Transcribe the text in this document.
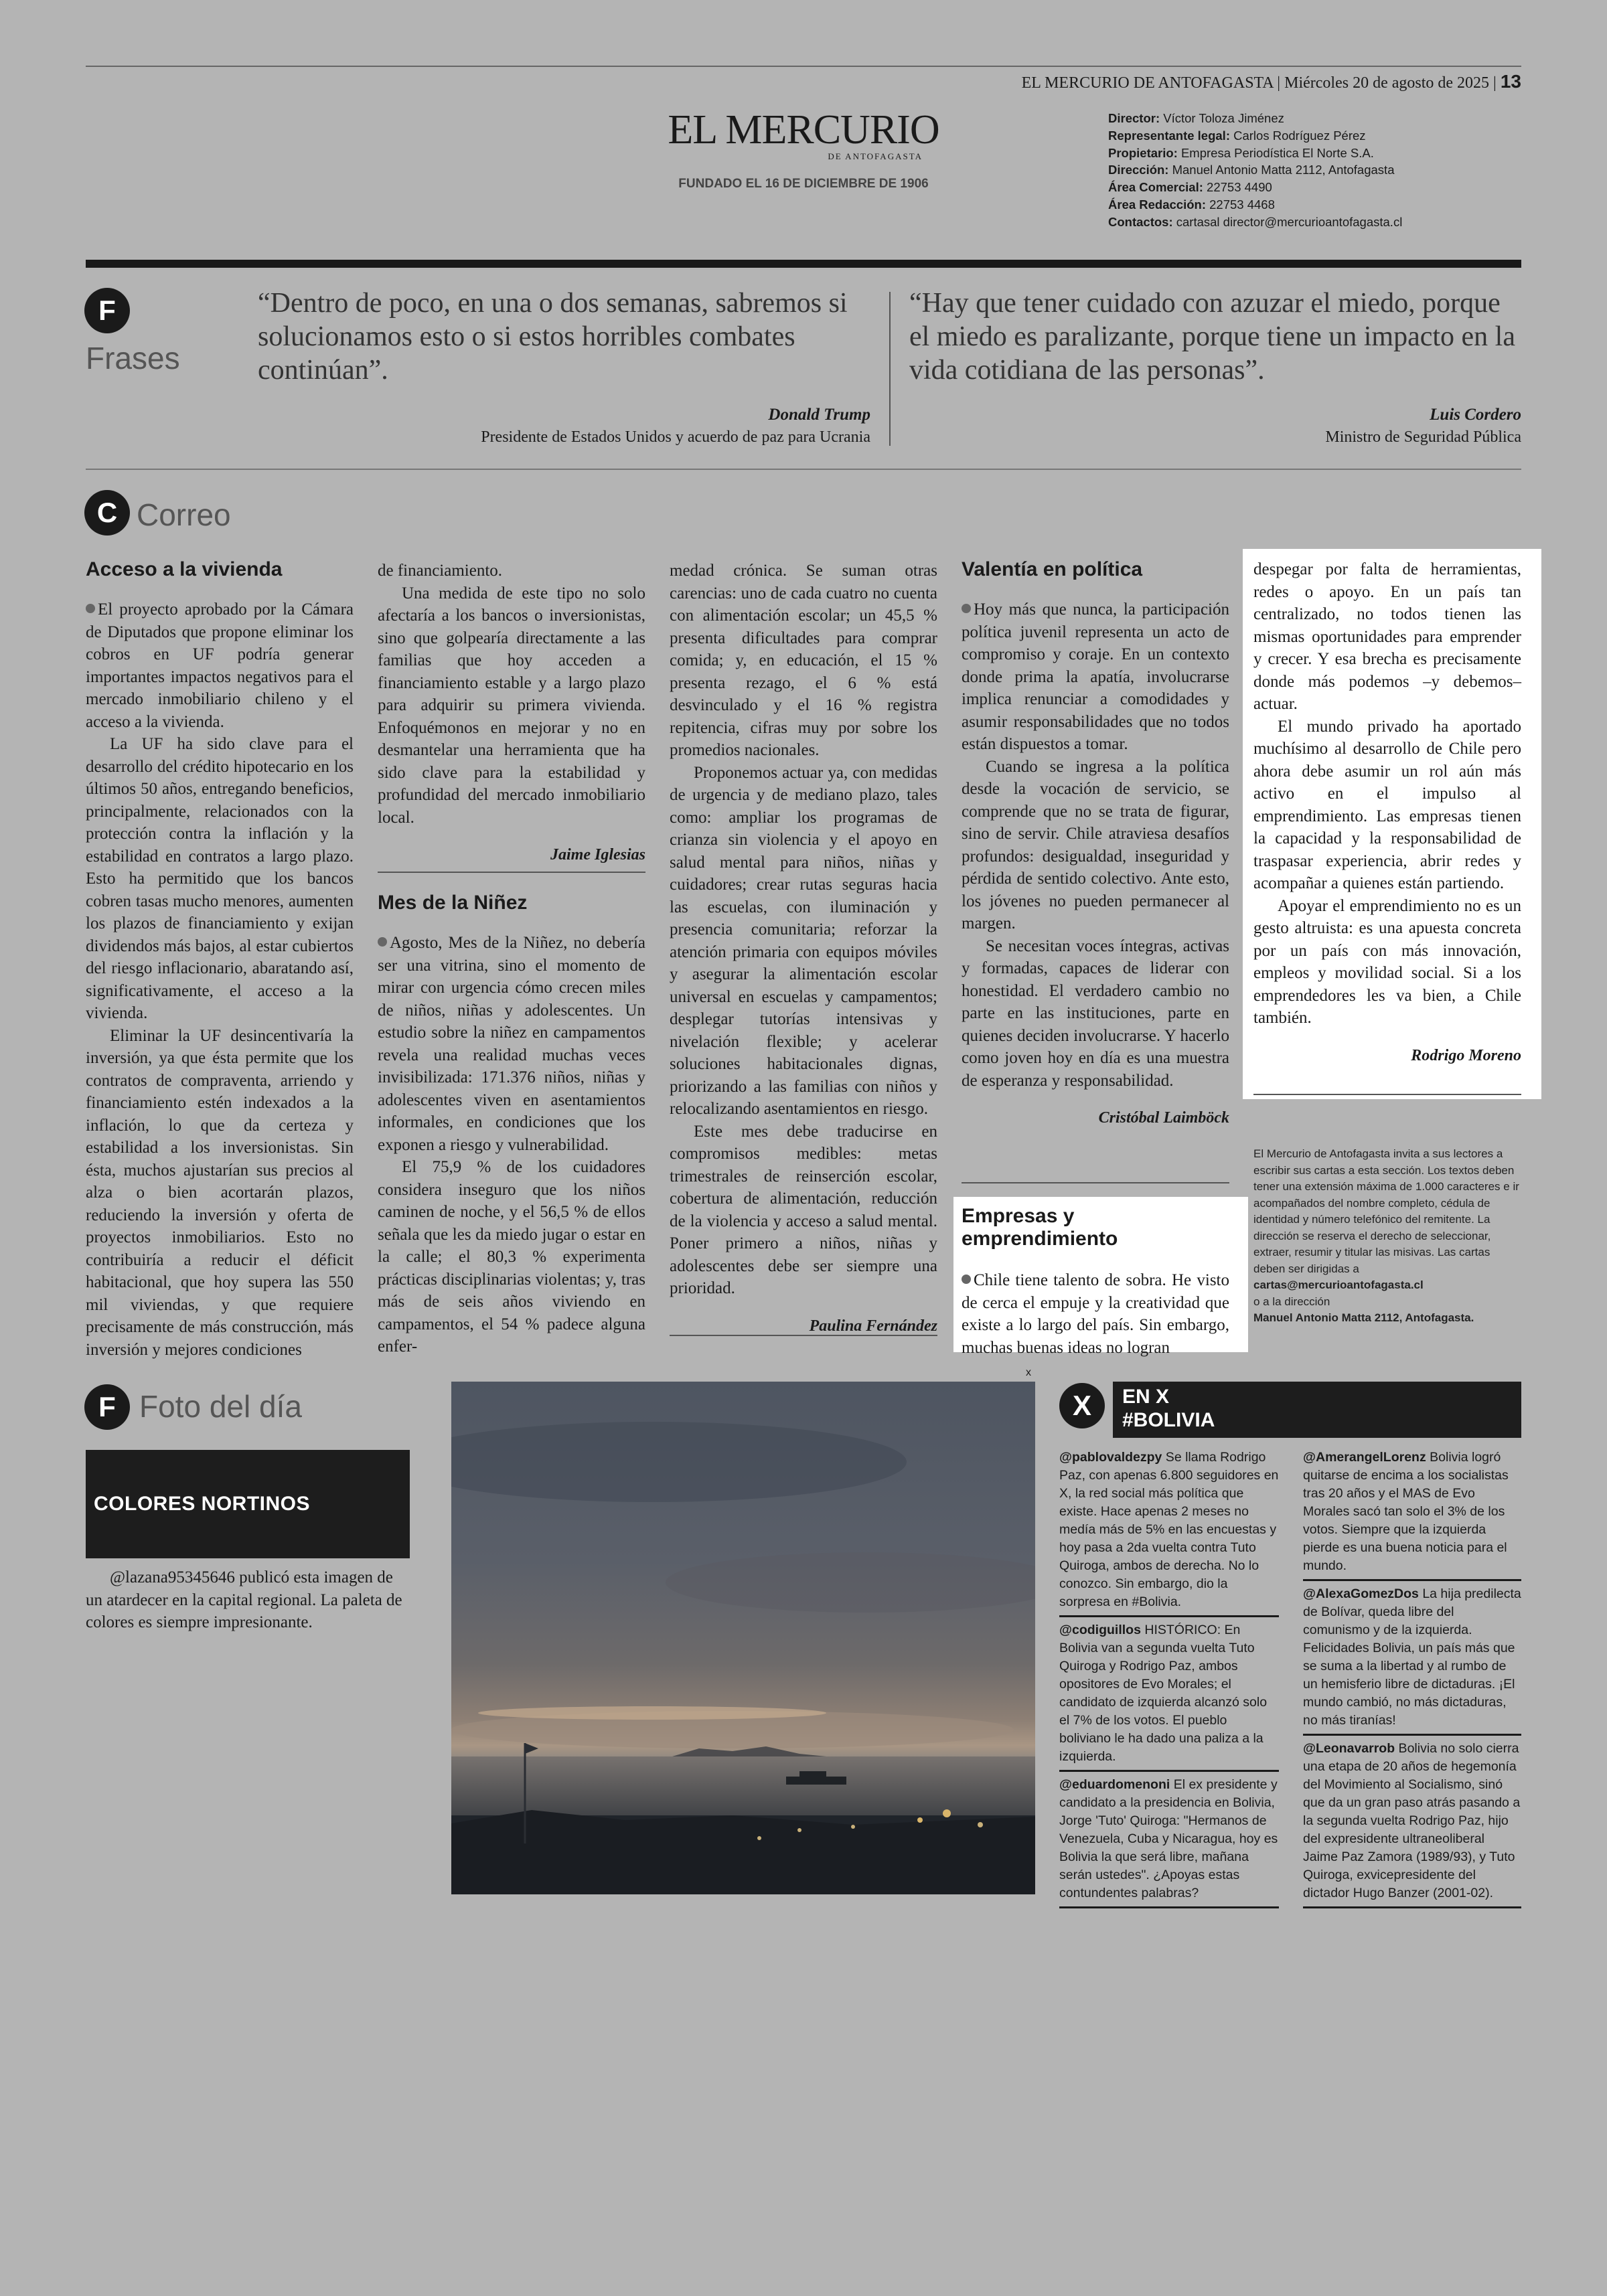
EL MERCURIO DE ANTOFAGASTA | Miércoles 20 de agosto de 2025 | 13
EL MERCURIO
DE ANTOFAGASTA
FUNDADO EL 16 DE DICIEMBRE DE 1906
Director: Víctor Toloza Jiménez
Representante legal: Carlos Rodríguez Pérez
Propietario: Empresa Periodística El Norte S.A.
Dirección: Manuel Antonio Matta 2112, Antofagasta
Área Comercial: 22753 4490
Área Redacción: 22753 4468
Contactos: cartasal director@mercurioantofagasta.cl
F
Frases
“Dentro de poco, en una o dos semanas, sabremos si solucionamos esto o si estos horribles combates continúan”.
Donald Trump
Presidente de Estados Unidos y acuerdo de paz para Ucrania
“Hay que tener cuidado con azuzar el miedo, porque el miedo es paralizante, porque tiene un impacto en la vida cotidiana de las personas”.
Luis Cordero
Ministro de Seguridad Pública
C Correo
Acceso a la vivienda
El proyecto aprobado por la Cámara de Diputados que propone eliminar los cobros en UF podría generar importantes impactos negativos para el mercado inmobiliario chileno y el acceso a la vivienda.
La UF ha sido clave para el desarrollo del crédito hipotecario en los últimos 50 años, entregando beneficios, principalmente, relacionados con la protección contra la inflación y la estabilidad en contratos a largo plazo. Esto ha permitido que los bancos cobren tasas mucho menores, aumenten los plazos de financiamiento y exijan dividendos más bajos, al estar cubiertos del riesgo inflacionario, abaratando así, significativamente, el acceso a la vivienda.
Eliminar la UF desincentivaría la inversión, ya que ésta permite que los contratos de compraventa, arriendo y financiamiento estén indexados a la inflación, lo que da certeza y estabilidad a los inversionistas. Sin ésta, muchos ajustarían sus precios al alza o bien acortarán plazos, reduciendo la inversión y oferta de proyectos inmobiliarios. Esto no contribuiría a reducir el déficit habitacional, que hoy supera las 550 mil viviendas, y que requiere precisamente de más construcción, más inversión y mejores condiciones
de financiamiento.
Una medida de este tipo no solo afectaría a los bancos o inversionistas, sino que golpearía directamente a las familias que hoy acceden a financiamiento estable y a largo plazo para adquirir su primera vivienda. Enfoquémonos en mejorar y no en desmantelar una herramienta que ha sido clave para la estabilidad y profundidad del mercado inmobiliario local.
Jaime Iglesias
Mes de la Niñez
Agosto, Mes de la Niñez, no debería ser una vitrina, sino el momento de mirar con urgencia cómo crecen miles de niños, niñas y adolescentes. Un estudio sobre la niñez en campamentos revela una realidad muchas veces invisibilizada: 171.376 niños, niñas y adolescentes viven en asentamientos informales, en condiciones que los exponen a riesgo y vulnerabilidad.
El 75,9 % de los cuidadores considera inseguro que los niños caminen de noche, y el 56,5 % de ellos señala que les da miedo jugar o estar en la calle; el 80,3 % experimenta prácticas disciplinarias violentas; y, tras más de seis años viviendo en campamentos, el 54 % padece alguna enfer-
medad crónica. Se suman otras carencias: uno de cada cuatro no cuenta con alimentación escolar; un 45,5 % presenta dificultades para comprar comida; y, en educación, el 15 % presenta rezago, el 6 % está desvinculado y el 16 % registra repitencia, cifras muy por sobre los promedios nacionales.
Proponemos actuar ya, con medidas de urgencia y de mediano plazo, tales como: ampliar los programas de crianza sin violencia y el apoyo en salud mental para niños, niñas y cuidadores; crear rutas seguras hacia las escuelas, con iluminación y presencia comunitaria; reforzar la atención primaria con equipos móviles y asegurar la alimentación escolar universal en escuelas y campamentos; desplegar tutorías intensivas y nivelación flexible; y acelerar soluciones habitacionales dignas, priorizando a las familias con niños y relocalizando asentamientos en riesgo.
Este mes debe traducirse en compromisos medibles: metas trimestrales de reinserción escolar, cobertura de alimentación, reducción de la violencia y acceso a salud mental. Poner primero a niños, niñas y adolescentes debe ser siempre una prioridad.
Paulina Fernández
Valentía en política
Hoy más que nunca, la participación política juvenil representa un acto de compromiso y coraje. En un contexto donde prima la apatía, involucrarse implica renunciar a comodidades y asumir responsabilidades que no todos están dispuestos a tomar.
Cuando se ingresa a la política desde la vocación de servicio, se comprende que no se trata de figurar, sino de servir. Chile atraviesa desafíos profundos: desigualdad, inseguridad y pérdida de sentido colectivo. Ante esto, los jóvenes no pueden permanecer al margen.
Se necesitan voces íntegras, activas y formadas, capaces de liderar con honestidad. El verdadero cambio no parte en las instituciones, parte en quienes deciden involucrarse. Y hacerlo como joven hoy en día es una muestra de esperanza y responsabilidad.
Cristóbal Laimböck
Empresas y emprendimiento
Chile tiene talento de sobra. He visto de cerca el empuje y la creatividad que existe a lo largo del país. Sin embargo, muchas buenas ideas no logran
despegar por falta de herramientas, redes o apoyo. En un país tan centralizado, no todos tienen las mismas oportunidades para emprender y crecer. Y esa brecha es precisamente donde más podemos –y debemos– actuar.
El mundo privado ha aportado muchísimo al desarrollo de Chile pero ahora debe asumir un rol aún más activo en el impulso al emprendimiento. Las empresas tienen la capacidad y la responsabilidad de traspasar experiencia, abrir redes y acompañar a quienes están partiendo.
Apoyar el emprendimiento no es un gesto altruista: es una apuesta concreta por un país con más innovación, empleos y movilidad social. Si a los emprendedores les va bien, a Chile también.
Rodrigo Moreno
El Mercurio de Antofagasta invita a sus lectores a escribir sus cartas a esta sección. Los textos deben tener una extensión máxima de 1.000 caracteres e ir acompañados del nombre completo, cédula de identidad y número telefónico del remitente. La dirección se reserva el derecho de seleccionar, extraer, resumir y titular las misivas. Las cartas deben ser dirigidas a
cartas@mercurioantofagasta.cl
o a la dirección
Manuel Antonio Matta 2112, Antofagasta.
F Foto del día
COLORES NORTINOS
@lazana95345646 publicó esta imagen de un atardecer en la capital regional. La paleta de colores es siempre impresionante.
x
X EN X
#BOLIVIA
@pablovaldezpy Se llama Rodrigo Paz, con apenas 6.800 seguidores en X, la red social más política que existe. Hace apenas 2 meses no medía más de 5% en las encuestas y hoy pasa a 2da vuelta contra Tuto Quiroga, ambos de derecha. No lo conozco. Sin embargo, dio la sorpresa en #Bolivia.
@codiguillos HISTÓRICO: En Bolivia van a segunda vuelta Tuto Quiroga y Rodrigo Paz, ambos opositores de Evo Morales; el candidato de izquierda alcanzó solo el 7% de los votos. El pueblo boliviano le ha dado una paliza a la izquierda.
@eduardomenoni El ex presidente y candidato a la presidencia en Bolivia, Jorge 'Tuto' Quiroga: "Hermanos de Venezuela, Cuba y Nicaragua, hoy es Bolivia la que será libre, mañana serán ustedes". ¿Apoyas estas contundentes palabras?
@AmerangelLorenz Bolivia logró quitarse de encima a los socialistas tras 20 años y el MAS de Evo Morales sacó tan solo el 3% de los votos. Siempre que la izquierda pierde es una buena noticia para el mundo.
@AlexaGomezDos La hija predilecta de Bolívar, queda libre del comunismo y de la izquierda. Felicidades Bolivia, un país más que se suma a la libertad y al rumbo de un hemisferio libre de dictaduras. ¡El mundo cambió, no más dictaduras, no más tiranías!
@Leonavarrob Bolivia no solo cierra una etapa de 20 años de hegemonía del Movimiento al Socialismo, sinó que da un gran paso atrás pasando a la segunda vuelta Rodrigo Paz, hijo del expresidente ultraneoliberal Jaime Paz Zamora (1989/93), y Tuto Quiroga, exvicepresidente del dictador Hugo Banzer (2001-02).
